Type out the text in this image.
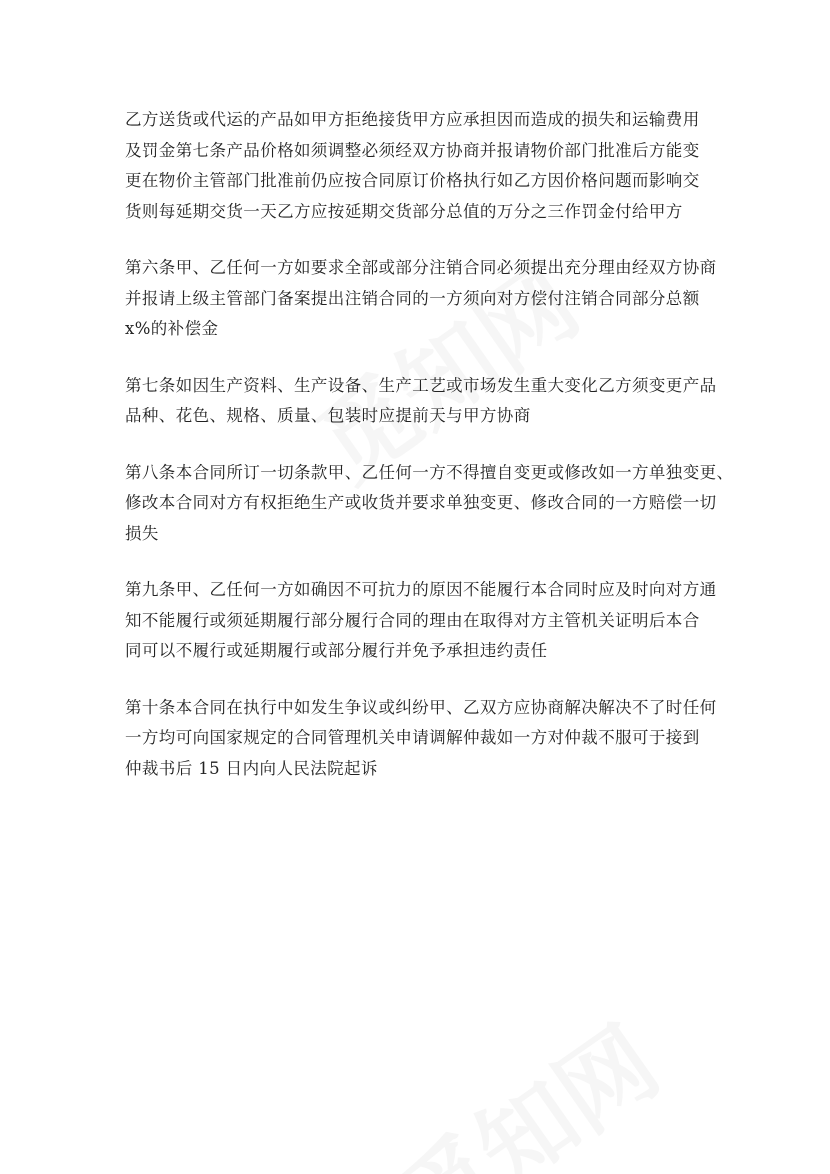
乙方送货或代运的产品如甲方拒绝接货甲方应承担因而造成的损失和运输费用
及罚金第七条产品价格如须调整必须经双方协商并报请物价部门批准后方能变
更在物价主管部门批准前仍应按合同原订价格执行如乙方因价格问题而影响交
货则每延期交货一天乙方应按延期交货部分总值的万分之三作罚金付给甲方
第六条甲、乙任何一方如要求全部或部分注销合同必须提出充分理由经双方协商
并报请上级主管部门备案提出注销合同的一方须向对方偿付注销合同部分总额
x%的补偿金
第七条如因生产资料、生产设备、生产工艺或市场发生重大变化乙方须变更产品
品种、花色、规格、质量、包装时应提前天与甲方协商
第八条本合同所订一切条款甲、乙任何一方不得擅自变更或修改如一方单独变更、
修改本合同对方有权拒绝生产或收货并要求单独变更、修改合同的一方赔偿一切
损失
第九条甲、乙任何一方如确因不可抗力的原因不能履行本合同时应及时向对方通
知不能履行或须延期履行部分履行合同的理由在取得对方主管机关证明后本合
同可以不履行或延期履行或部分履行并免予承担违约责任
第十条本合同在执行中如发生争议或纠纷甲、乙双方应协商解决解决不了时任何
一方均可向国家规定的合同管理机关申请调解仲裁如一方对仲裁不服可于接到
仲裁书后 15 日内向人民法院起诉
